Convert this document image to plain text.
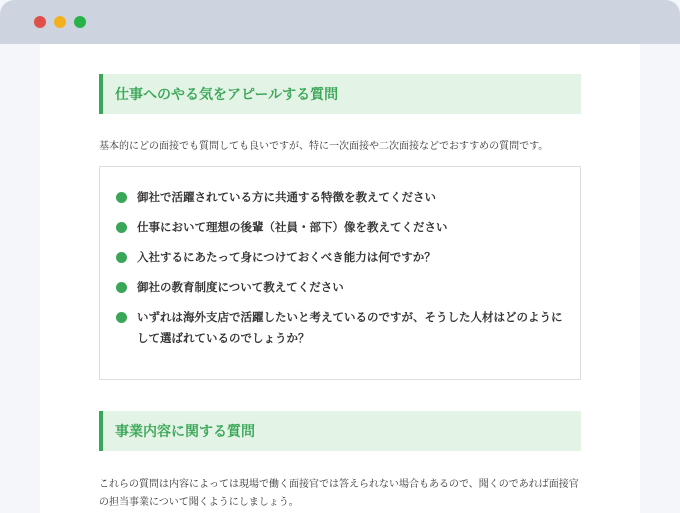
仕事へのやる気をアピールする質問

基本的にどの面接でも質問しても良いですが、特に一次面接や二次面接などでおすすめの質問です。

御社で活躍されている方に共通する特徴を教えてください
仕事において理想の後輩（社員・部下）像を教えてください
入社するにあたって身につけておくべき能力は何ですか？
御社の教育制度について教えてください
いずれは海外支店で活躍したいと考えているのですが、そうした人材はどのようにして選ばれているのでしょうか？
事業内容に関する質問

これらの質問は内容によっては現場で働く面接官では答えられない場合もあるので、聞くのであれば面接官の担当事業について聞くようにしましょう。
